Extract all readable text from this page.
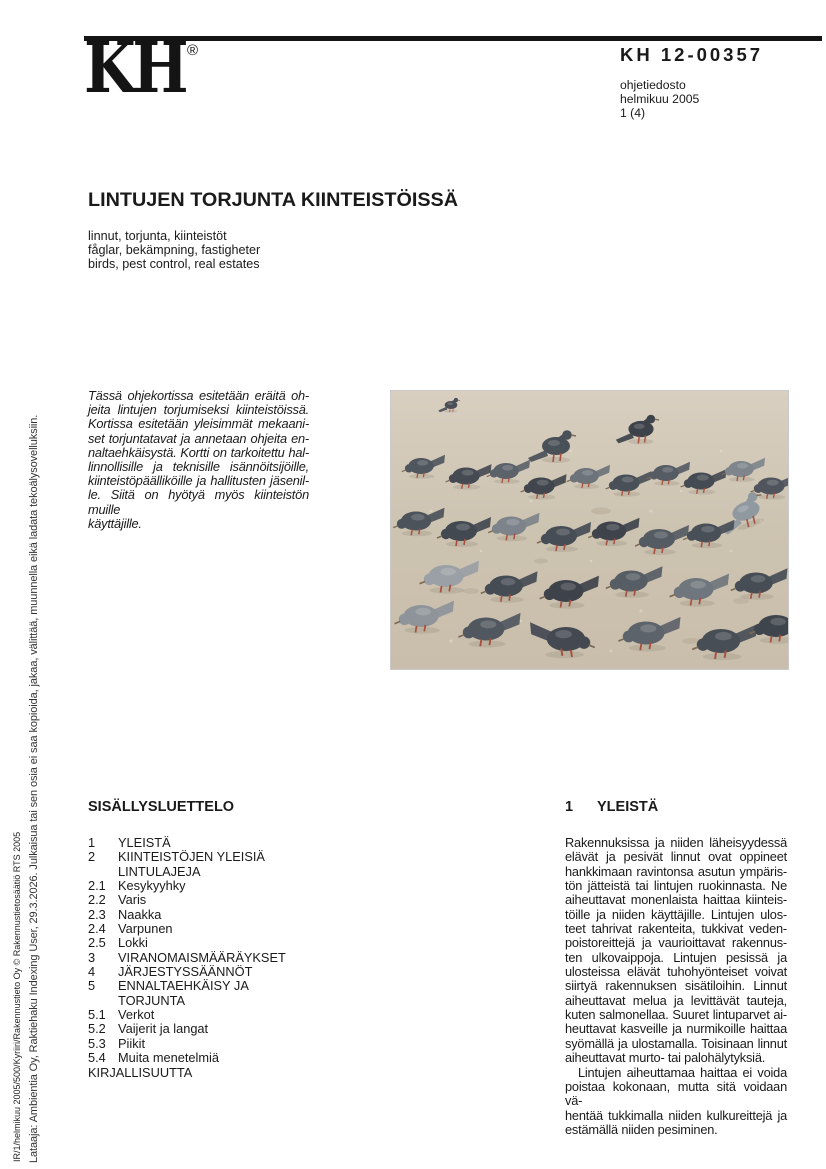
IR/1/helmikuu 2005/500/Kyriiri/Rakennustieto Oy © Rakennustietosäätiö RTS 2005 Lataaja: Ambientia Oy, Raktiehaku Indexing User, 29.3.2026. Julkaisua tai sen osia ei saa kopioida, jakaa, välittää, muunnella eikä ladata tekoälysovelluksiin.
KH ®	KH 12-00357
ohjetiedosto
helmikuu 2005
1 (4)
LINTUJEN TORJUNTA KIINTEISTÖISSÄ
linnut, torjunta, kiinteistöt
fåglar, bekämpning, fastigheter
birds, pest control, real estates
Tässä ohjekortissa esitetään eräitä oh-
jeita lintujen torjumiseksi kiinteistöissä.
Kortissa esitetään yleisimmät mekaani-
set torjuntatavat ja annetaan ohjeita en-
naltaehkäisystä. Kortti on tarkoitettu hal-
linnollisille ja teknisille isännöitsijöille,
kiinteistöpäälliköille ja hallitusten jäsenil-
le. Siitä on hyötyä myös kiinteistön muille
käyttäjille.
SISÄLLYSLUETTELO
1	YLEISTÄ
2	KIINTEISTÖJEN YLEISIÄ
LINTULAJEJA
2.1 Kesykyyhky
2.2 Varis
2.3 Naakka
2.4 Varpunen
2.5 Lokki
3	VIRANOMAISMÄÄRÄYKSET
4	JÄRJESTYSSÄÄNNÖT
5	ENNALTAEHKÄISY JA
TORJUNTA
5.1 Verkot
5.2 Vaijerit ja langat
5.3 Piikit
5.4 Muita menetelmiä
KIRJALLISUUTTA
1 YLEISTÄ
Rakennuksissa ja niiden läheisyydessä
elävät ja pesivät linnut ovat oppineet
hankkimaan ravintonsa asutun ympäris-
tön jätteistä tai lintujen ruokinnasta. Ne
aiheuttavat monenlaista haittaa kiinteis-
töille ja niiden käyttäjille. Lintujen ulos-
teet tahrivat rakenteita, tukkivat veden-
poistoreittejä ja vaurioittavat rakennus-
ten ulkovaippoja. Lintujen pesissä ja
ulosteissa elävät tuhohyönteiset voivat
siirtyä rakennuksen sisätiloihin. Linnut
aiheuttavat melua ja levittävät tauteja,
kuten salmonellaa. Suuret lintuparvet ai-
heuttavat kasveille ja nurmikoille haittaa
syömällä ja ulostamalla. Toisinaan linnut
aiheuttavat murto- tai palohälytyksiä.
Lintujen aiheuttamaa haittaa ei voida
poistaa kokonaan, mutta sitä voidaan vä-
hentää tukkimalla niiden kulkureittejä ja
estämällä niiden pesiminen.
